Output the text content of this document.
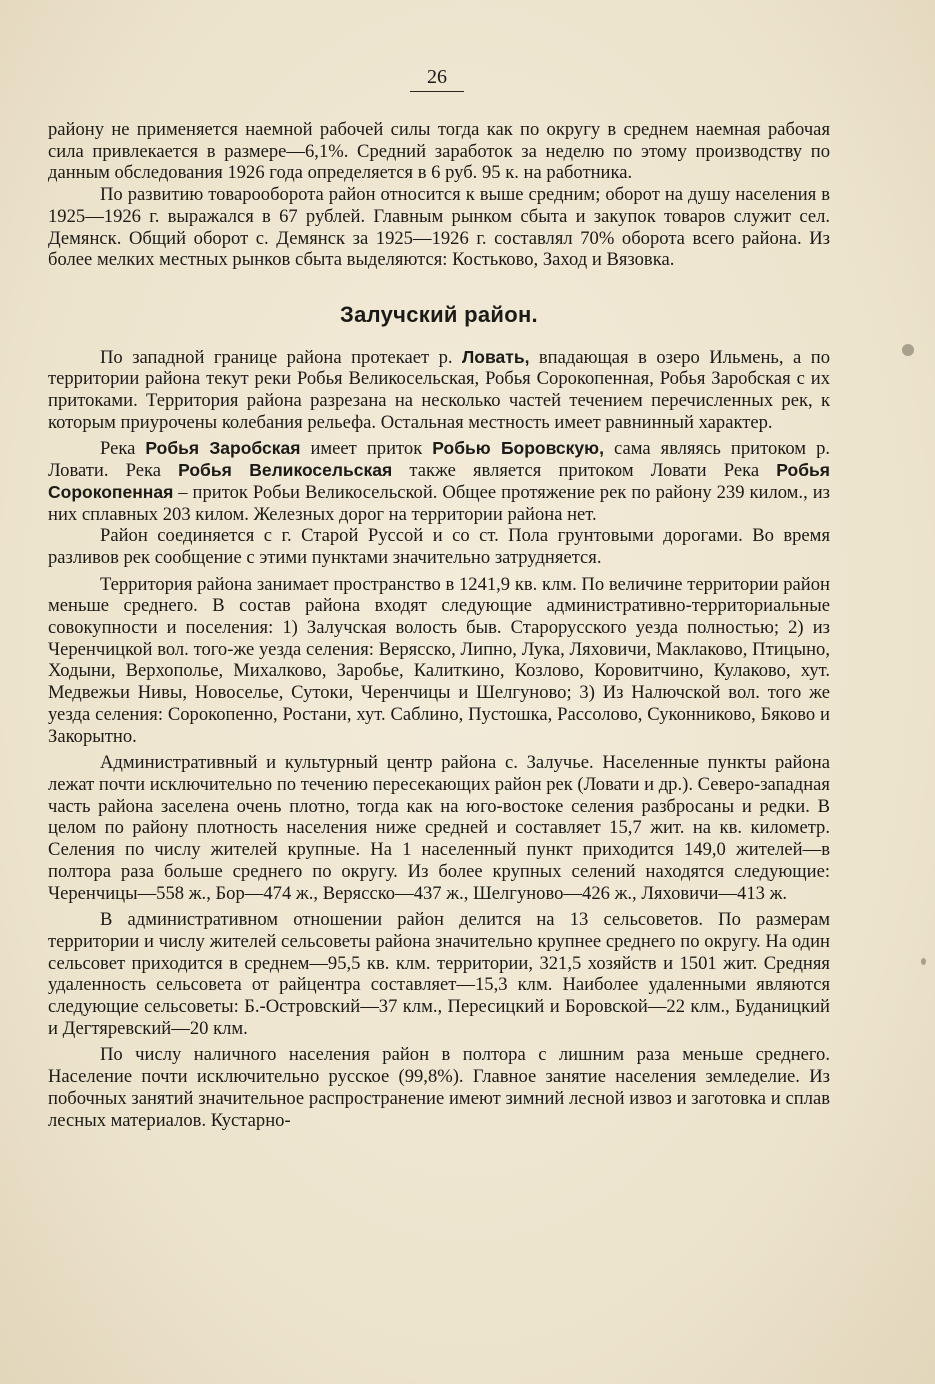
26

району не применяется наемной рабочей силы тогда как по округу в среднем наемная рабочая сила привлекается в размере—6,1%. Средний заработок за неделю по этому производству по данным обследования 1926 года определяется в 6 руб. 95 к. на работника.

По развитию товарооборота район относится к выше средним; оборот на душу населения в 1925—1926 г. выражался в 67 рублей. Главным рынком сбыта и закупок товаров служит сел. Демянск. Общий оборот с. Демянск за 1925—1926 г. составлял 70% оборота всего района. Из более мелких местных рынков сбыта выделяются: Костьково, Заход и Вязовка.

Залучский район.

По западной границе района протекает р. Ловать, впадающая в озеро Ильмень, а по территории района текут реки Робья Великосельская, Робья Сорокопенная, Робья Заробская с их притоками. Территория района разрезана на несколько частей течением перечисленных рек, к которым приурочены колебания рельефа. Остальная местность имеет равнинный характер.

Река Робья Заробская имеет приток Робью Боровскую, сама являясь притоком р. Ловати. Река Робья Великосельская также является притоком Ловати Река Робья Сорокопенная – приток Робьи Великосельской. Общее протяжение рек по району 239 килом., из них сплавных 203 килом. Железных дорог на территории района нет.

Район соединяется с г. Старой Руссой и со ст. Пола грунтовыми дорогами. Во время разливов рек сообщение с этими пунктами значительно затрудняется.

Территория района занимает пространство в 1241,9 кв. клм. По величине территории район меньше среднего. В состав района входят следующие административно-территориальные совокупности и поселения: 1) Залучская волость быв. Старорусского уезда полностью; 2) из Черенчицкой вол. того-же уезда селения: Верясско, Липно, Лука, Ляховичи, Маклаково, Птицыно, Ходыни, Верхополье, Михалково, Заробье, Калиткино, Козлово, Коровитчино, Кулаково, хут. Медвежьи Нивы, Новоселье, Сутоки, Черенчицы и Шелгуново; 3) Из Налючской вол. того же уезда селения: Сорокопенно, Ростани, хут. Саблино, Пустошка, Рассолово, Суконниково, Бяково и Закорытно.

Административный и культурный центр района с. Залучье. Населенные пункты района лежат почти исключительно по течению пересекающих район рек (Ловати и др.). Северо-западная часть района заселена очень плотно, тогда как на юго-востоке селения разбросаны и редки. В целом по району плотность населения ниже средней и составляет 15,7 жит. на кв. километр. Селения по числу жителей крупные. На 1 населенный пункт приходится 149,0 жителей—в полтора раза больше среднего по округу. Из более крупных селений находятся следующие: Черенчицы—558 ж., Бор—474 ж., Верясско—437 ж., Шелгуново—426 ж., Ляховичи—413 ж.

В административном отношении район делится на 13 сельсоветов. По размерам территории и числу жителей сельсоветы района значительно крупнее среднего по округу. На один сельсовет приходится в среднем—95,5 кв. клм. территории, 321,5 хозяйств и 1501 жит. Средняя удаленность сельсовета от райцентра составляет—15,3 клм. Наиболее удаленными являются следующие сельсоветы: Б.-Островский—37 клм., Пересицкий и Боровской—22 клм., Буданицкий и Дегтяревский—20 клм.

По числу наличного населения район в полтора с лишним раза меньше среднего. Население почти исключительно русское (99,8%). Главное занятие населения земледелие. Из побочных занятий значительное распространение имеют зимний лесной извоз и заготовка и сплав лесных материалов. Кустарно-
